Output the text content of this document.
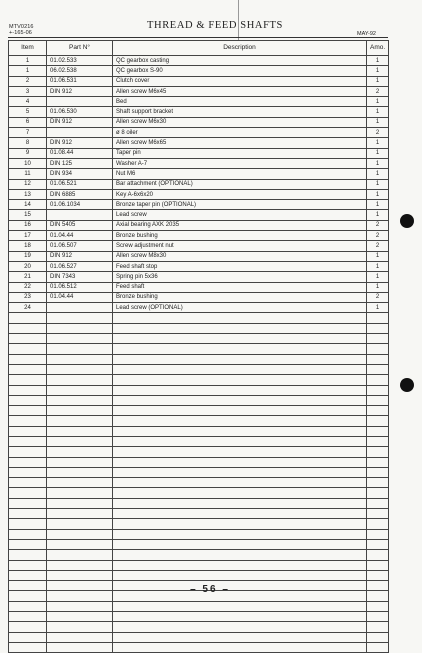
MTV0216
+-165-06
THREAD & FEED SHAFTS
MAY-92
Item	Part N°	Description	Amo.
1	01.02.533	QC gearbox casting	1
1	06.02.538	QC gearbox S-90	1
2	01.06.531	Clutch cover	1
3	DIN 912	Allen screw M6x45	2
4		Bed	1
5	01.06.530	Shaft support bracket	1
6	DIN 912	Allen screw M6x30	1
7		ø 8 oiler	2
8	DIN 912	Allen screw M6x65	1
9	01.08.44	Taper pin	1
10	DIN 125	Washer A-7	1
11	DIN 934	Nut M6	1
12	01.06.521	Bar attachment (OPTIONAL)	1
13	DIN 6885	Key A-6x6x20	1
14	01.06.1034	Bronze taper pin (OPTIONAL)	1
15		Lead screw	1
16	DIN 5405	Axial bearing AXK 2035	2
17	01.04.44	Bronze bushing	2
18	01.06.507	Screw adjustment nut	2
19	DIN 912	Allen screw M8x30	1
20	01.06.527	Feed shaft stop	1
21	DIN 7343	Spring pin 5x36	1
22	01.06.512	Feed shaft	1
23	01.04.44	Bronze bushing	2
24		Lead screw (OPTIONAL)	1

– 56 –
